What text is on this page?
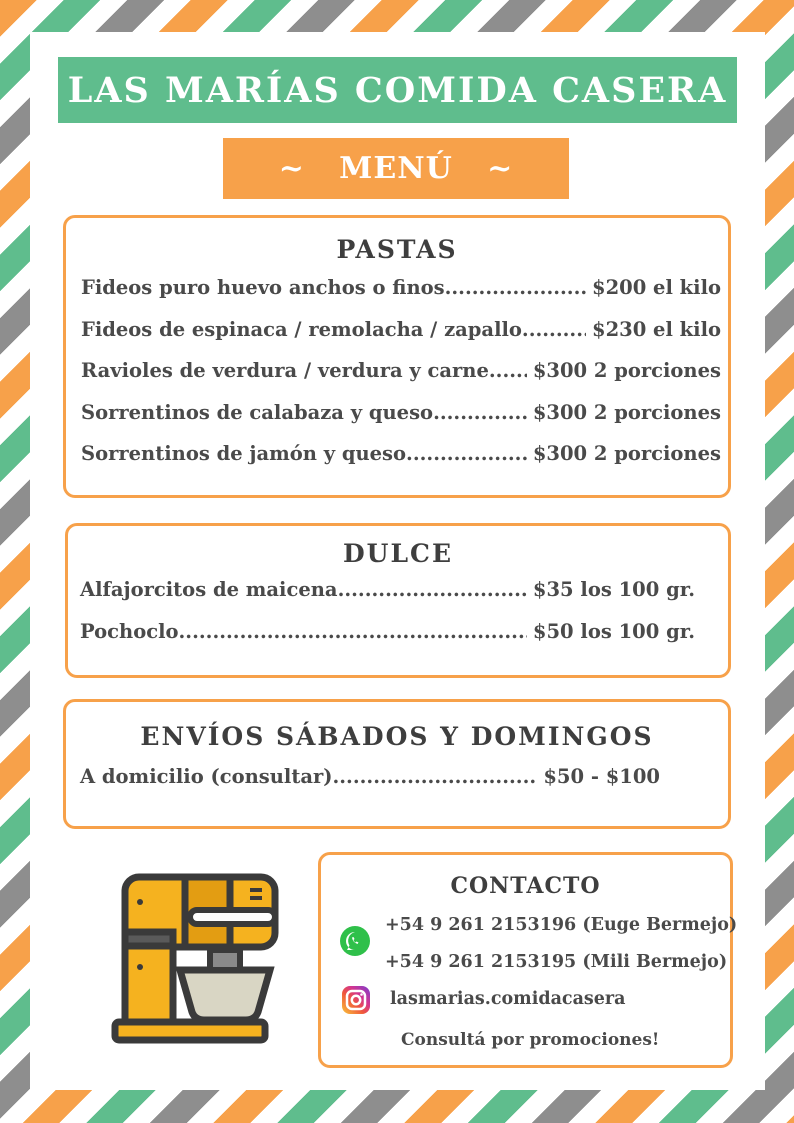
LAS MARÍAS COMIDA CASERA
~   MENÚ   ~
PASTAS
Fideos puro huevo anchos o finos .....	$200 el kilo
Fideos de espinaca / remolacha / zapallo .....	$230 el kilo
Ravioles de verdura / verdura y carne .....	$300 2 porciones
Sorrentinos de calabaza y queso .....	$300 2 porciones
Sorrentinos de jamón y queso .....	$300 2 porciones
DULCE
Alfajorcitos de maicena .....	$35 los 100 gr.
Pochoclo .....	$50 los 100 gr.
ENVÍOS SÁBADOS Y DOMINGOS
A domicilio (consultar) .....	$50 - $100
CONTACTO
+54 9 261 2153196 (Euge Bermejo)
+54 9 261 2153195 (Mili Bermejo)
lasmarias.comidacasera
Consultá por promociones!
